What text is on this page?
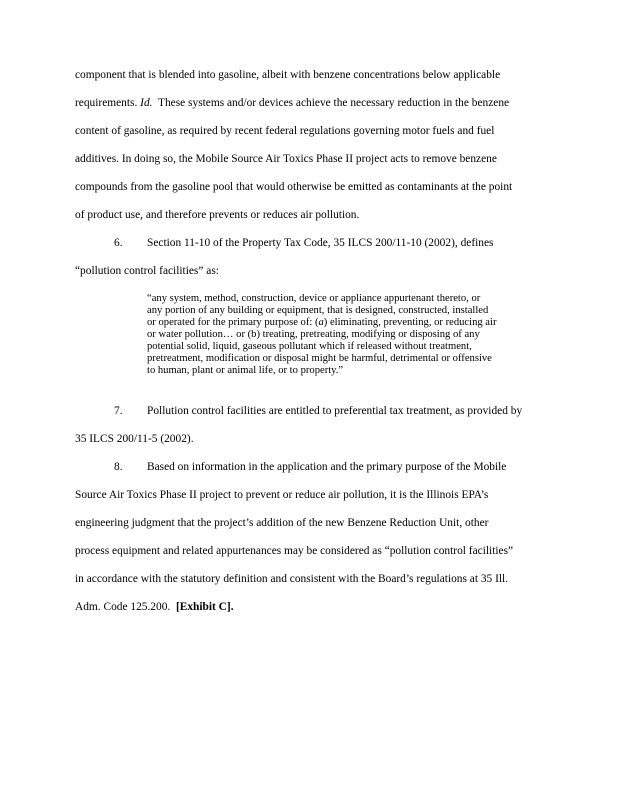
component that is blended into gasoline, albeit with benzene concentrations below applicable
requirements. Id. These systems and/or devices achieve the necessary reduction in the benzene
content of gasoline, as required by recent federal regulations governing motor fuels and fuel
additives. In doing so, the Mobile Source Air Toxics Phase II project acts to remove benzene
compounds from the gasoline pool that would otherwise be emitted as contaminants at the point
of product use, and therefore prevents or reduces air pollution.
6. Section 11-10 of the Property Tax Code, 35 ILCS 200/11-10 (2002), defines
“pollution control facilities” as:
“any system, method, construction, device or appliance appurtenant thereto, or
any portion of any building or equipment, that is designed, constructed, installed
or operated for the primary purpose of: (a) eliminating, preventing, or reducing air
or water pollution… or (b) treating, pretreating, modifying or disposing of any
potential solid, liquid, gaseous pollutant which if released without treatment,
pretreatment, modification or disposal might be harmful, detrimental or offensive
to human, plant or animal life, or to property.”
7. Pollution control facilities are entitled to preferential tax treatment, as provided by
35 ILCS 200/11-5 (2002).
8. Based on information in the application and the primary purpose of the Mobile
Source Air Toxics Phase II project to prevent or reduce air pollution, it is the Illinois EPA’s
engineering judgment that the project’s addition of the new Benzene Reduction Unit, other
process equipment and related appurtenances may be considered as “pollution control facilities”
in accordance with the statutory definition and consistent with the Board’s regulations at 35 Ill.
Adm. Code 125.200. [Exhibit C].
